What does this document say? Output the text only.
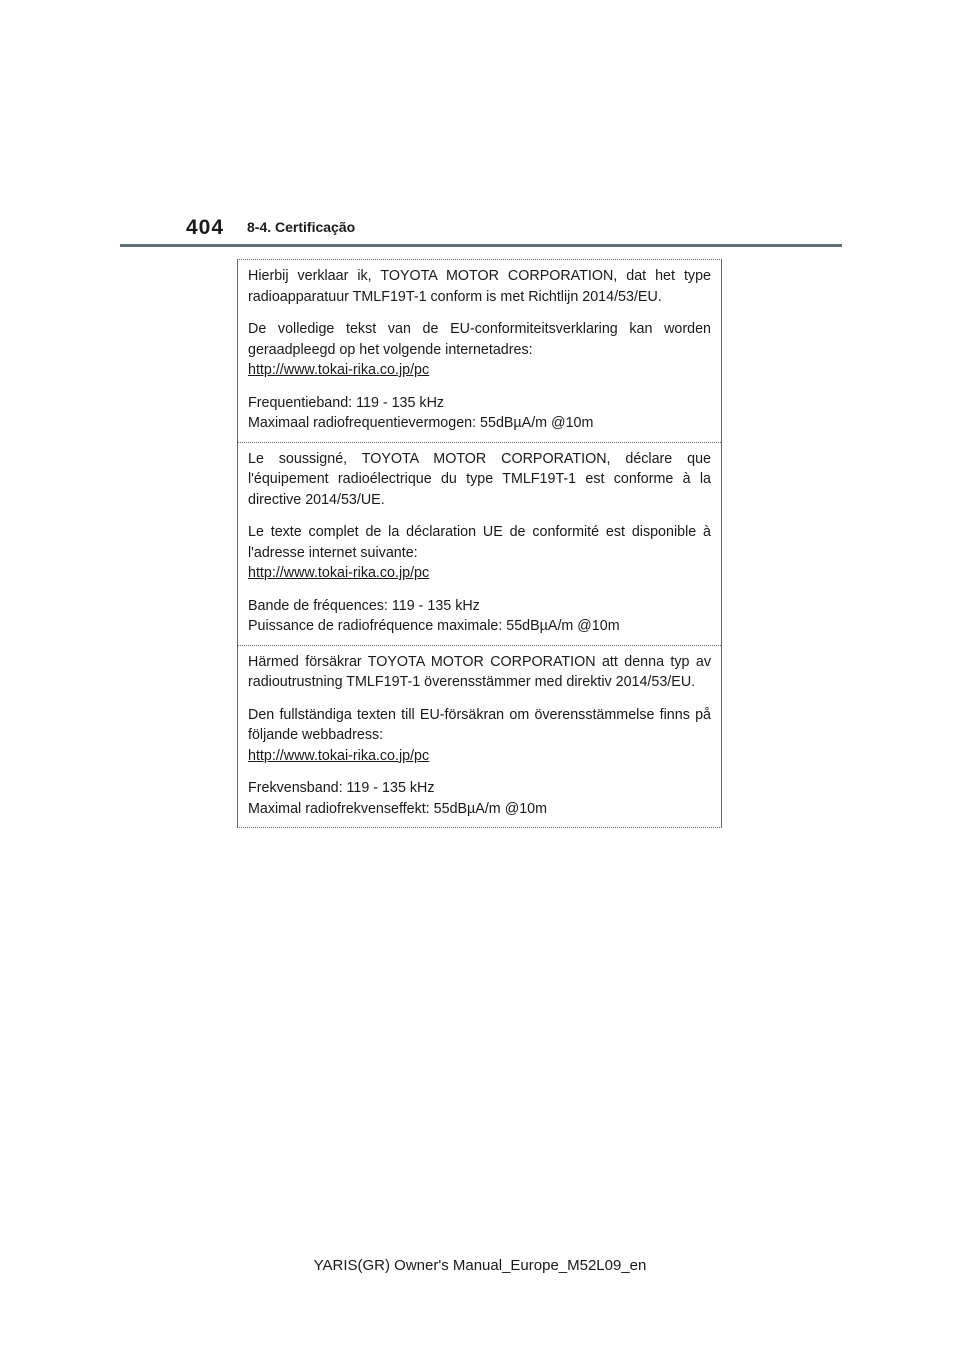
404 8-4. Certificação

Hierbij verklaar ik, TOYOTA MOTOR CORPORATION, dat het type radioapparatuur TMLF19T-1 conform is met Richtlijn 2014/53/EU.

De volledige tekst van de EU-conformiteitsverklaring kan worden geraadpleegd op het volgende internetadres:

http://www.tokai-rika.co.jp/pc

Frequentieband: 119 - 135 kHz

Maximaal radiofrequentievermogen: 55dBµA/m @10m

Le soussigné, TOYOTA MOTOR CORPORATION, déclare que l'équipement radioélectrique du type TMLF19T-1 est conforme à la directive 2014/53/UE.

Le texte complet de la déclaration UE de conformité est disponible à l'adresse internet suivante:

http://www.tokai-rika.co.jp/pc

Bande de fréquences: 119 - 135 kHz

Puissance de radiofréquence maximale: 55dBµA/m @10m

Härmed försäkrar TOYOTA MOTOR CORPORATION att denna typ av radioutrustning TMLF19T-1 överensstämmer med direktiv 2014/53/EU.

Den fullständiga texten till EU-försäkran om överensstämmelse finns på följande webbadress:

http://www.tokai-rika.co.jp/pc

Frekvensband: 119 - 135 kHz

Maximal radiofrekvenseffekt: 55dBµA/m @10m

YARIS(GR) Owner's Manual_Europe_M52L09_en
